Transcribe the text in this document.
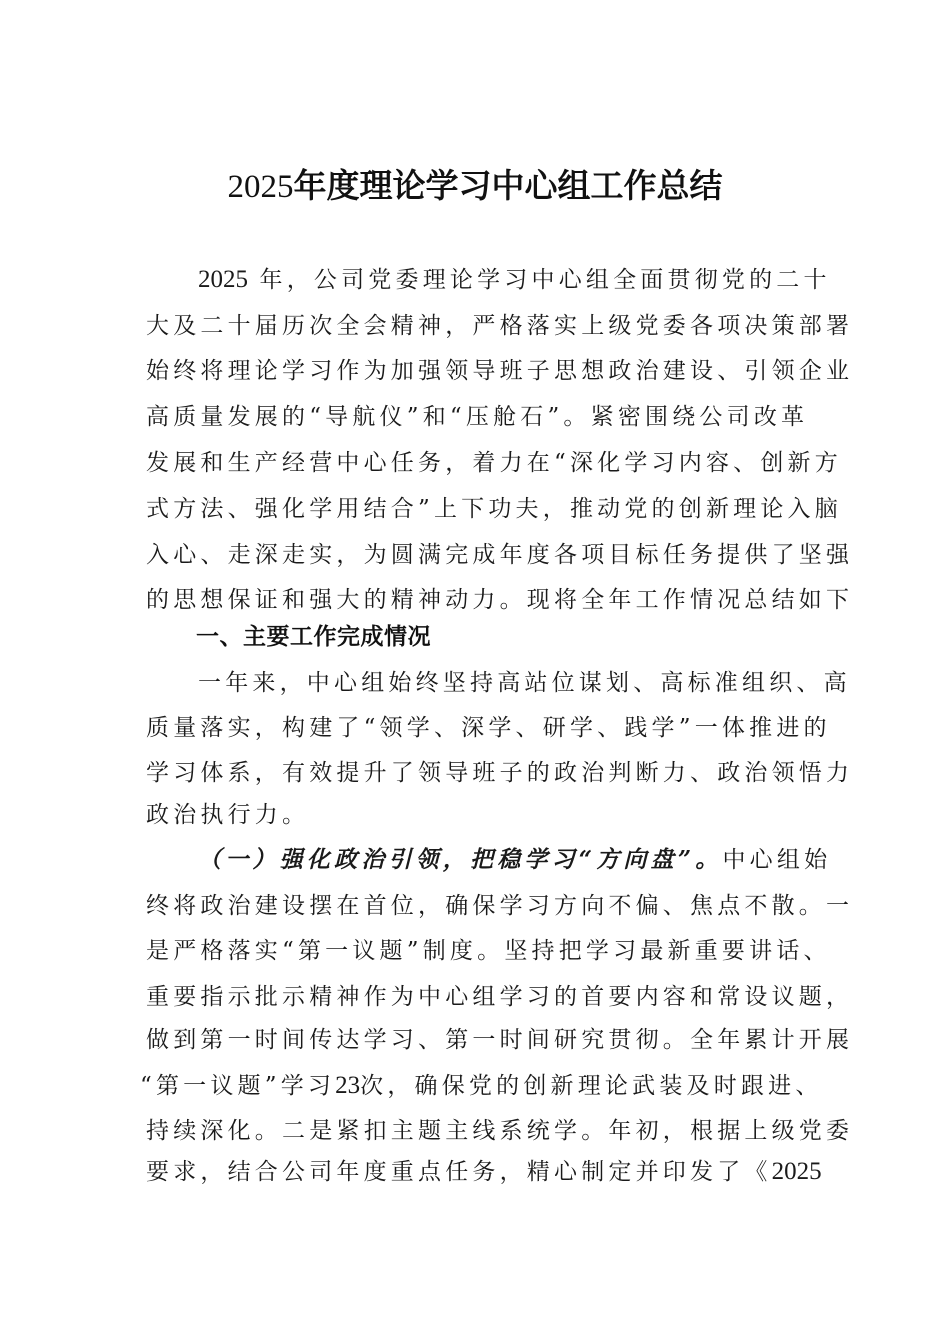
2025年度理论学习中心组工作总结
2025 年，公司党委理论学习中心组全面贯彻党的二十
大及二十届历次全会精神，严格落实上级党委各项决策部署
始终将理论学习作为加强领导班子思想政治建设、引领企业
高质量发展的“导航仪”和“压舱石”。紧密围绕公司改革
发展和生产经营中心任务，着力在“深化学习内容、创新方
式方法、强化学用结合”上下功夫，推动党的创新理论入脑
入心、走深走实，为圆满完成年度各项目标任务提供了坚强
的思想保证和强大的精神动力。现将全年工作情况总结如下
一、主要工作完成情况
一年来，中心组始终坚持高站位谋划、高标准组织、高
质量落实，构建了“领学、深学、研学、践学”一体推进的
学习体系，有效提升了领导班子的政治判断力、政治领悟力
政治执行力。
（一）强化政治引领，把稳学习“方向盘”。中心组始
终将政治建设摆在首位，确保学习方向不偏、焦点不散。一
是严格落实“第一议题”制度。坚持把学习最新重要讲话、
重要指示批示精神作为中心组学习的首要内容和常设议题，
做到第一时间传达学习、第一时间研究贯彻。全年累计开展
“第一议题”学习23次，确保党的创新理论武装及时跟进、
持续深化。二是紧扣主题主线系统学。年初，根据上级党委
要求，结合公司年度重点任务，精心制定并印发了《2025
